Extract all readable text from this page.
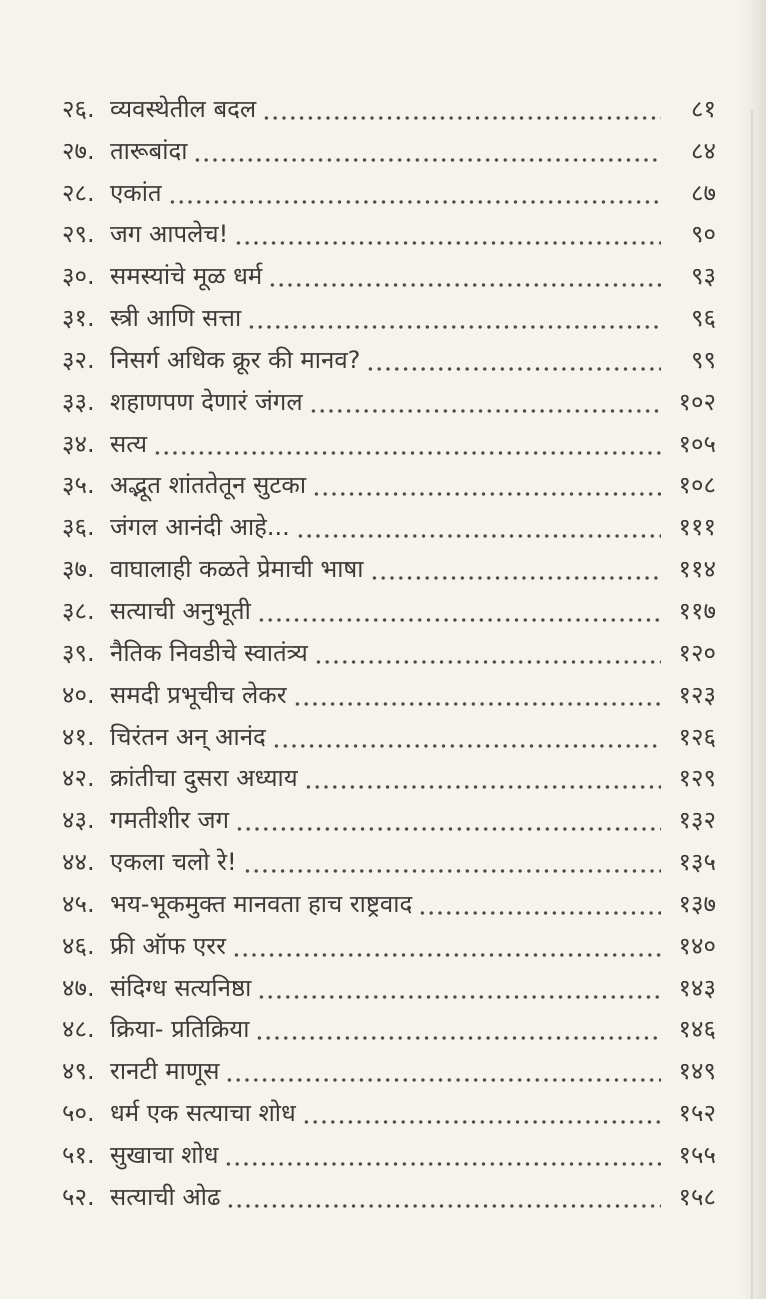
२६. व्यवस्थेतील बदल	८१
२७. तारूबांदा	८४
२८. एकांत	८७
२९. जग आपलेच!	९०
३०. समस्यांचे मूळ धर्म	९३
३१. स्त्री आणि सत्ता	९६
३२. निसर्ग अधिक क्रूर की मानव?	९९
३३. शहाणपण देणारं जंगल	१०२
३४. सत्य	१०५
३५. अद्भूत शांततेतून सुटका	१०८
३६. जंगल आनंदी आहे...	१११
३७. वाघालाही कळते प्रेमाची भाषा	११४
३८. सत्याची अनुभूती	११७
३९. नैतिक निवडीचे स्वातंत्र्य	१२०
४०. समदी प्रभूचीच लेकर	१२३
४१. चिरंतन अन् आनंद	१२६
४२. क्रांतीचा दुसरा अध्याय	१२९
४३. गमतीशीर जग	१३२
४४. एकला चलो रे!	१३५
४५. भय-भूकमुक्त मानवता हाच राष्ट्रवाद	१३७
४६. फ्री ऑफ एरर	१४०
४७. संदिग्ध सत्यनिष्ठा	१४३
४८. क्रिया- प्रतिक्रिया	१४६
४९. रानटी माणूस	१४९
५०. धर्म एक सत्याचा शोध	१५२
५१. सुखाचा शोध	१५५
५२. सत्याची ओढ	१५८
